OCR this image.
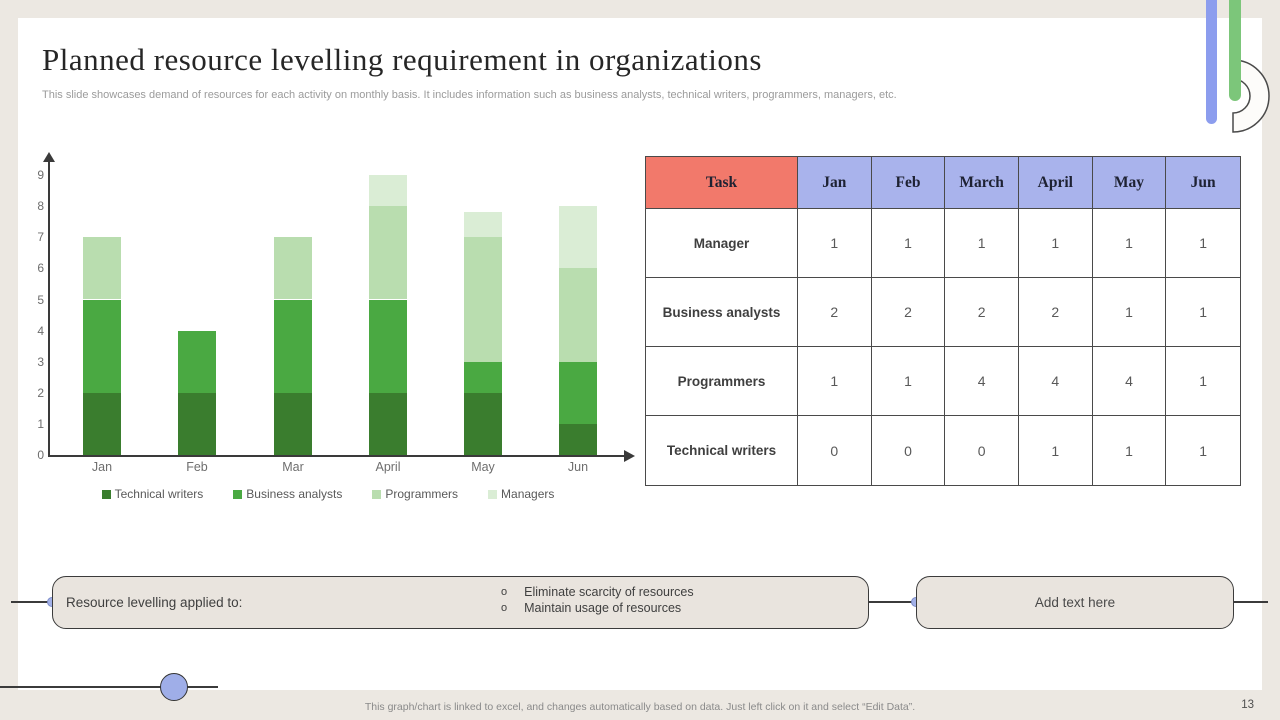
Planned resource levelling requirement in organizations
This slide showcases demand of resources for each activity on monthly basis. It includes information such as business analysts, technical writers, programmers, managers, etc.
0
1
2
3
4
5
6
7
8
9
Jan	Feb	Mar	April	May	Jun
Technical writers	Business analysts	Programmers	Managers
Task	Jan	Feb	March	April	May	Jun
Manager	1	1	1	1	1	1
Business analysts	2	2	2	2	1	1
Programmers	1	1	4	4	4	1
Technical writers	0	0	0	1	1	1
Resource levelling applied to:
o Eliminate scarcity of resources
o Maintain usage of resources	Add text here
This graph/chart is linked to excel, and changes automatically based on data. Just left click on it and select “Edit Data”.	13
